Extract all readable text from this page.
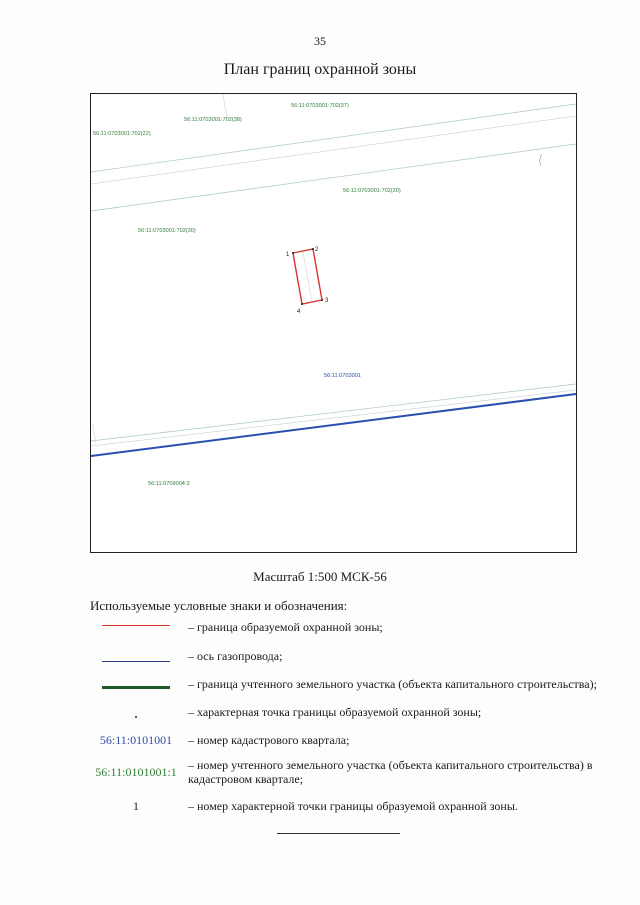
35
План границ охранной зоны
1
2
3
4
56:11:0703001:702(37)
56:11:0703001:702(38)
56:11:0703001:702(22)
56:11:0703001:702(20)
56:11:0703001:702(30)
56:11:0703001
56:11:0709004:3
Масштаб 1:500 МСК-56
Используемые условные знаки и обозначения:
– граница образуемой охранной зоны;
– ось газопровода;
– граница учтенного земельного участка (объекта капитального строительства);
.	– характерная точка границы образуемой охранной зоны;
56:11:0101001	– номер кадастрового квартала;
56:11:0101001:1 – номер учтенного земельного участка (объекта капитального строительства) в кадастровом квартале;
1	– номер характерной точки границы образуемой охранной зоны.
